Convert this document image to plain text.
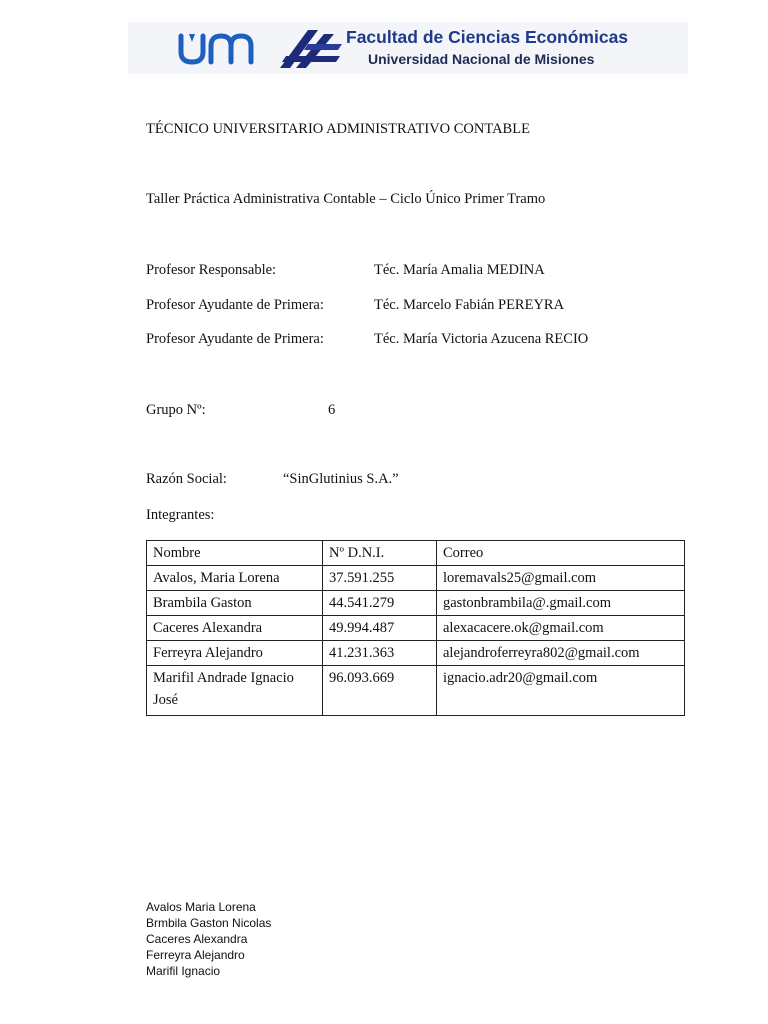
Facultad de Ciencias Económicas
Universidad Nacional de Misiones
TÉCNICO UNIVERSITARIO ADMINISTRATIVO CONTABLE
Taller Práctica Administrativa Contable – Ciclo Único Primer Tramo
Profesor Responsable:	Téc. María Amalia MEDINA
Profesor Ayudante de Primera:	Téc. Marcelo Fabián PEREYRA
Profesor Ayudante de Primera:	Téc. María Victoria Azucena RECIO
Grupo Nº:	6
Razón Social:	“SinGlutinius S.A.”
Integrantes:
Nombre	Nº D.N.I.	Correo
Avalos, Maria Lorena	37.591.255	loremavals25@gmail.com
Brambila Gaston	44.541.279	gastonbrambila@.gmail.com
Caceres Alexandra	49.994.487	alexacacere.ok@gmail.com
Ferreyra Alejandro	41.231.363	alejandroferreyra802@gmail.com
Marifil Andrade Ignacio José	96.093.669	ignacio.adr20@gmail.com
Avalos Maria Lorena
Brmbila Gaston Nicolas
Caceres Alexandra
Ferreyra Alejandro
Marifil Ignacio
